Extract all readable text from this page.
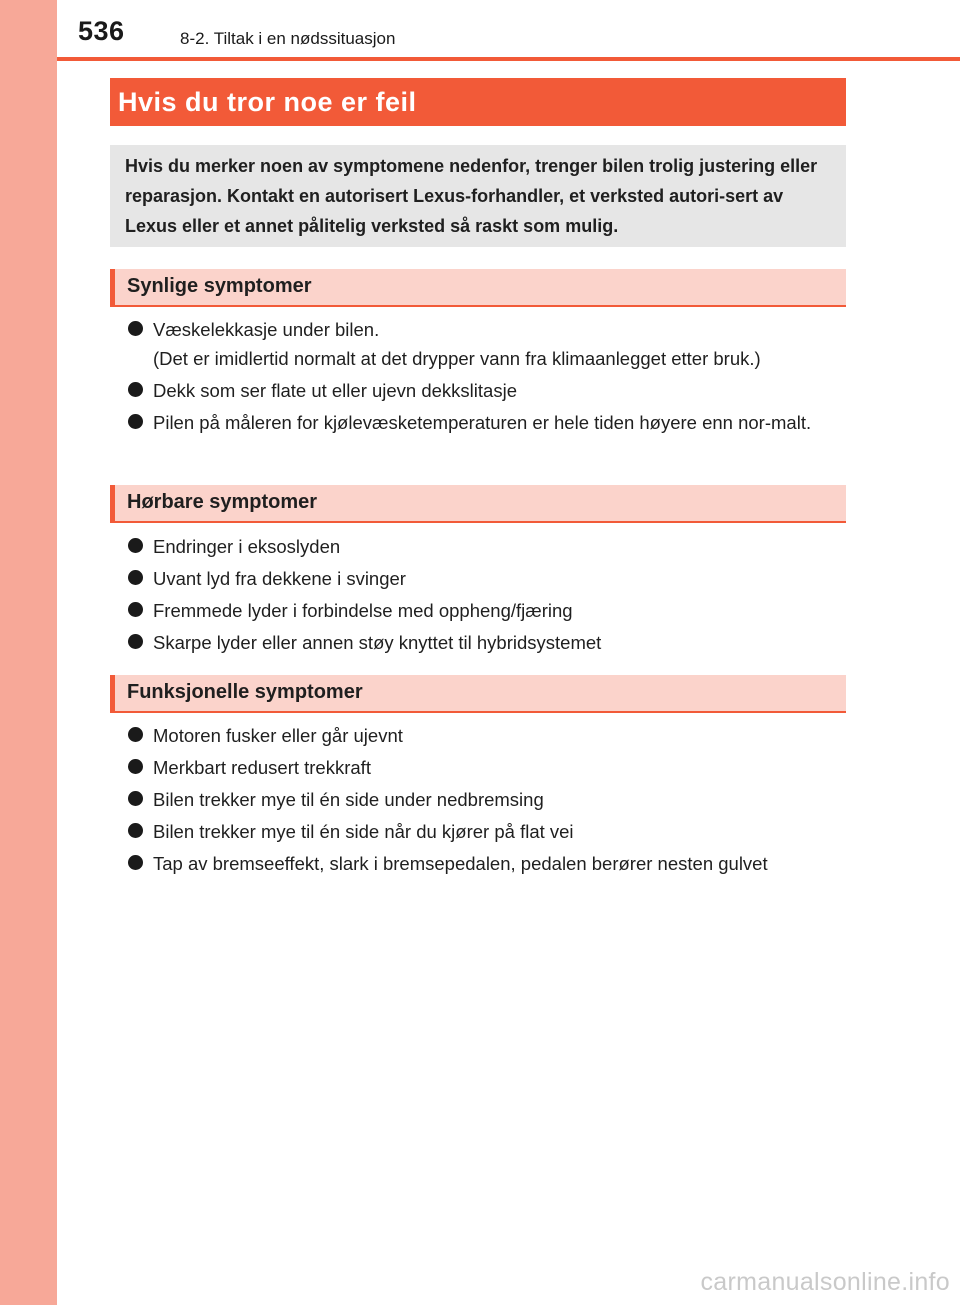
536	8-2. Tiltak i en nødssituasjon
Hvis du tror noe er feil
Hvis du merker noen av symptomene nedenfor, trenger bilen trolig justering eller reparasjon. Kontakt en autorisert Lexus-forhandler, et verksted autori-sert av Lexus eller et annet pålitelig verksted så raskt som mulig.
Synlige symptomer
Væskelekkasje under bilen.
(Det er imidlertid normalt at det drypper vann fra klimaanlegget etter bruk.)
Dekk som ser flate ut eller ujevn dekkslitasje
Pilen på måleren for kjølevæsketemperaturen er hele tiden høyere enn nor-malt.
Hørbare symptomer
Endringer i eksoslyden
Uvant lyd fra dekkene i svinger
Fremmede lyder i forbindelse med oppheng/fjæring
Skarpe lyder eller annen støy knyttet til hybridsystemet
Funksjonelle symptomer
Motoren fusker eller går ujevnt
Merkbart redusert trekkraft
Bilen trekker mye til én side under nedbremsing
Bilen trekker mye til én side når du kjører på flat vei
Tap av bremseeffekt, slark i bremsepedalen, pedalen berører nesten gulvet
carmanualsonline.info
